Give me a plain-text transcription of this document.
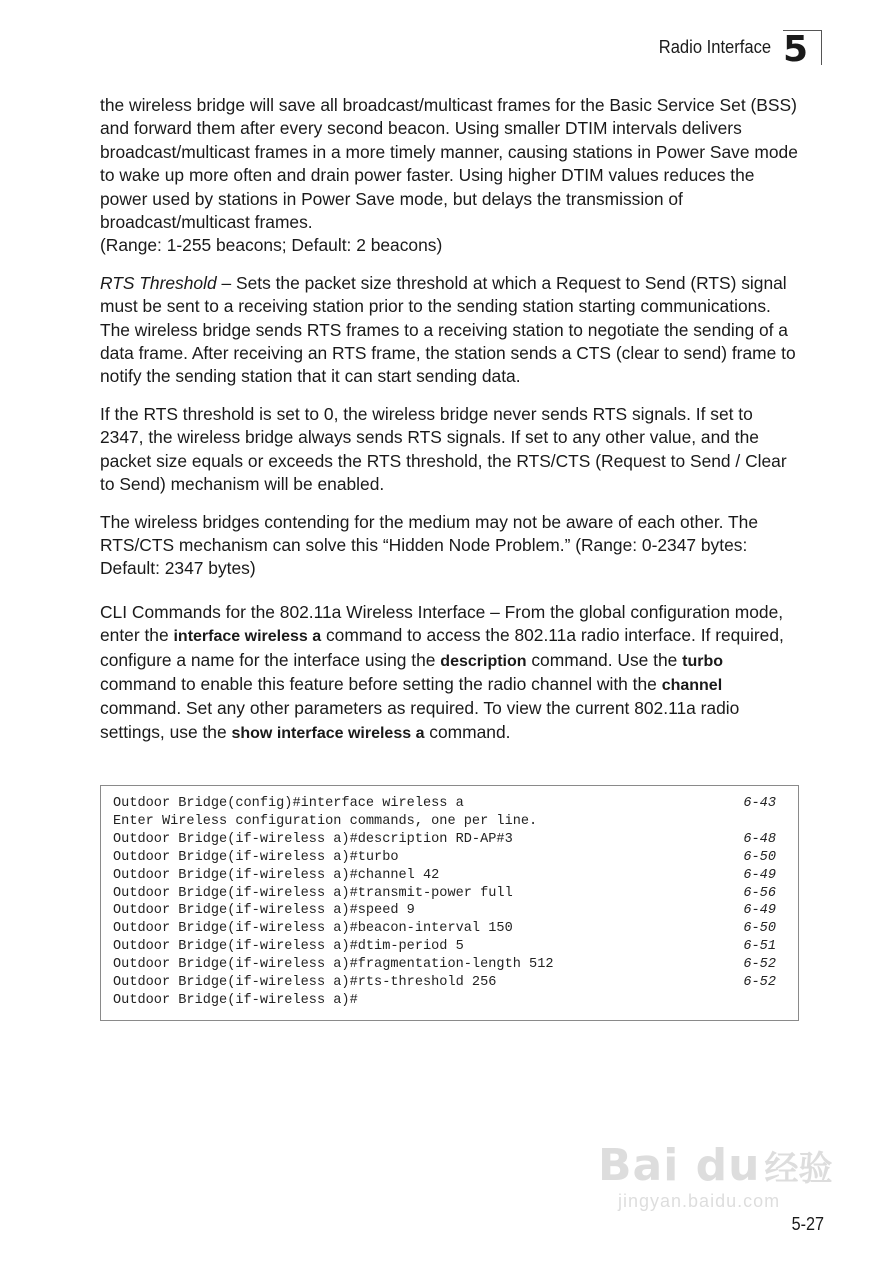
Radio Interface 5

the wireless bridge will save all broadcast/multicast frames for the Basic Service Set (BSS) and forward them after every second beacon. Using smaller DTIM intervals delivers broadcast/multicast frames in a more timely manner, causing stations in Power Save mode to wake up more often and drain power faster. Using higher DTIM values reduces the power used by stations in Power Save mode, but delays the transmission of broadcast/multicast frames.
(Range: 1-255 beacons; Default: 2 beacons)

RTS Threshold – Sets the packet size threshold at which a Request to Send (RTS) signal must be sent to a receiving station prior to the sending station starting communications. The wireless bridge sends RTS frames to a receiving station to negotiate the sending of a data frame. After receiving an RTS frame, the station sends a CTS (clear to send) frame to notify the sending station that it can start sending data.

If the RTS threshold is set to 0, the wireless bridge never sends RTS signals. If set to 2347, the wireless bridge always sends RTS signals. If set to any other value, and the packet size equals or exceeds the RTS threshold, the RTS/CTS (Request to Send / Clear to Send) mechanism will be enabled.

The wireless bridges contending for the medium may not be aware of each other. The RTS/CTS mechanism can solve this “Hidden Node Problem.” (Range: 0-2347 bytes: Default: 2347 bytes)

CLI Commands for the 802.11a Wireless Interface – From the global configuration mode, enter the interface wireless a command to access the 802.11a radio interface. If required, configure a name for the interface using the description command. Use the turbo command to enable this feature before setting the radio channel with the channel command. Set any other parameters as required. To view the current 802.11a radio settings, use the show interface wireless a command.

Outdoor Bridge(config)#interface wireless a	6-43
Enter Wireless configuration commands, one per line.
Outdoor Bridge(if-wireless a)#description RD-AP#3	6-48
Outdoor Bridge(if-wireless a)#turbo	6-50
Outdoor Bridge(if-wireless a)#channel 42	6-49
Outdoor Bridge(if-wireless a)#transmit-power full	6-56
Outdoor Bridge(if-wireless a)#speed 9	6-49
Outdoor Bridge(if-wireless a)#beacon-interval 150	6-50
Outdoor Bridge(if-wireless a)#dtim-period 5	6-51
Outdoor Bridge(if-wireless a)#fragmentation-length 512	6-52
Outdoor Bridge(if-wireless a)#rts-threshold 256	6-52
Outdoor Bridge(if-wireless a)#
Bai du 经验
jingyan.baidu.com
5-27
